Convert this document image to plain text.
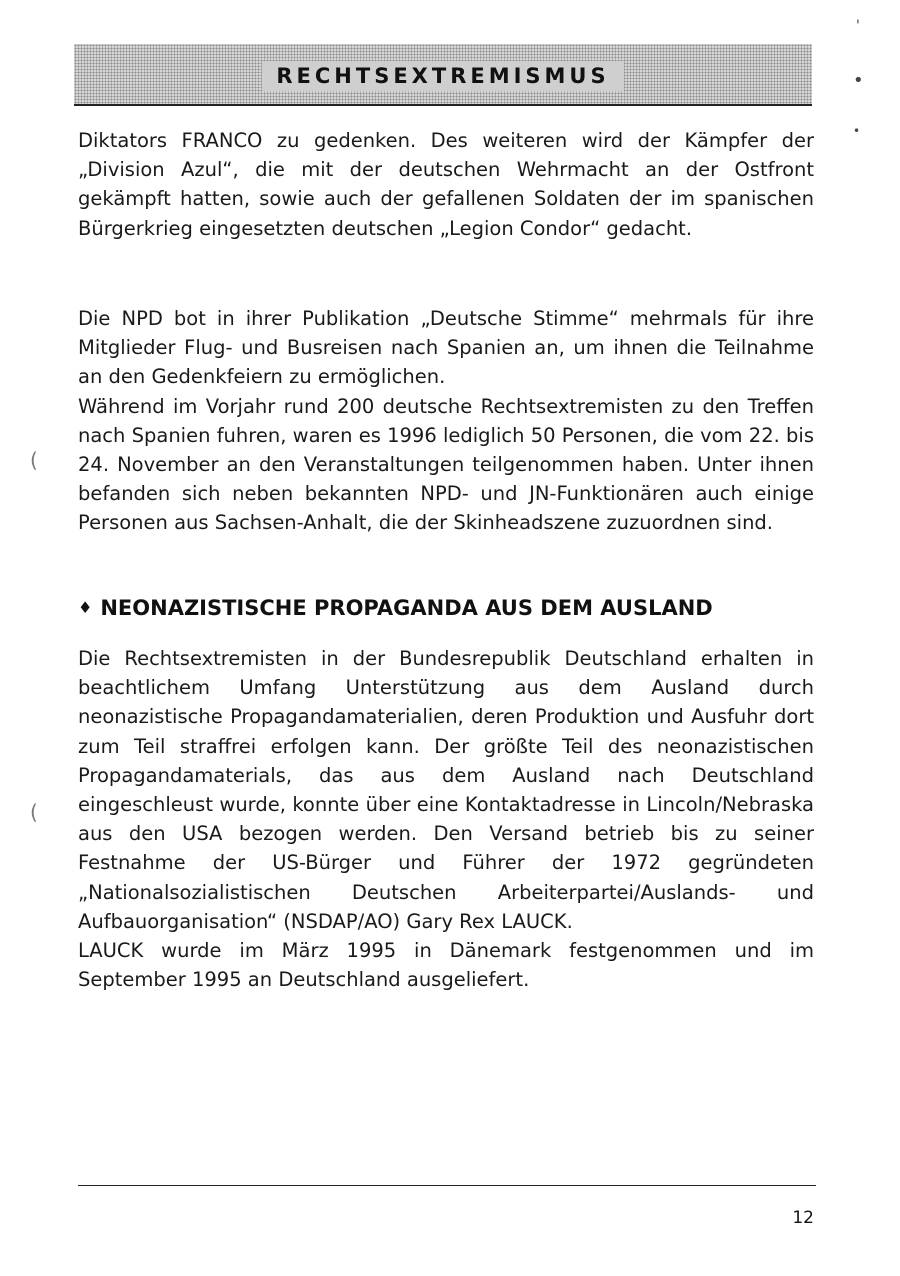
RECHTSEXTREMISMUS

Diktators FRANCO zu gedenken. Des weiteren wird der Kämpfer der „Division Azul“, die mit der deutschen Wehrmacht an der Ostfront gekämpft hatten, sowie auch der gefallenen Soldaten der im spanischen Bürgerkrieg eingesetzten deutschen „Legion Condor“ gedacht.

Die NPD bot in ihrer Publikation „Deutsche Stimme“ mehrmals für ihre Mitglieder Flug- und Busreisen nach Spanien an, um ihnen die Teilnahme an den Gedenkfeiern zu ermöglichen.

Während im Vorjahr rund 200 deutsche Rechtsextremisten zu den Treffen nach Spanien fuhren, waren es 1996 lediglich 50 Personen, die vom 22. bis 24. November an den Veranstaltungen teilgenommen haben. Unter ihnen befanden sich neben bekannten NPD- und JN-Funktionären auch einige Personen aus Sachsen-Anhalt, die der Skinheadszene zuzuordnen sind.

♦ NEONAZISTISCHE PROPAGANDA AUS DEM AUSLAND

Die Rechtsextremisten in der Bundesrepublik Deutschland erhalten in beachtlichem Umfang Unterstützung aus dem Ausland durch neonazistische Propagandamaterialien, deren Produktion und Ausfuhr dort zum Teil straffrei erfolgen kann. Der größte Teil des neonazistischen Propagandamaterials, das aus dem Ausland nach Deutschland eingeschleust wurde, konnte über eine Kontaktadresse in Lincoln/Nebraska aus den USA bezogen werden. Den Versand betrieb bis zu seiner Festnahme der US-Bürger und Führer der 1972 gegründeten „Nationalsozialistischen Deutschen Arbeiterpartei/Auslands- und Aufbauorganisation“ (NSDAP/AO) Gary Rex LAUCK.

LAUCK wurde im März 1995 in Dänemark festgenommen und im September 1995 an Deutschland ausgeliefert.

12
'
•
•
(
(
